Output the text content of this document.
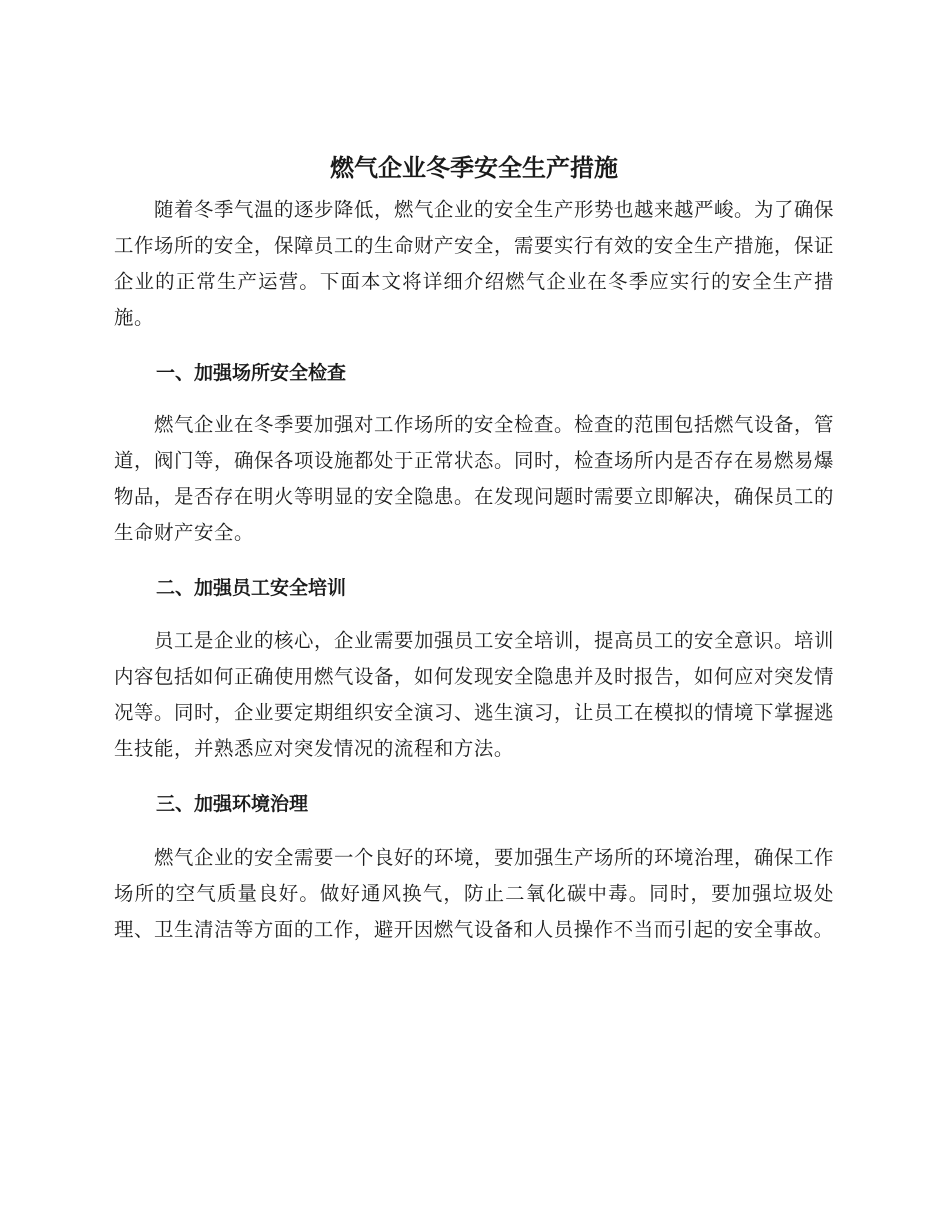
燃气企业冬季安全生产措施

随着冬季气温的逐步降低，燃气企业的安全生产形势也越来越严峻。为了确保工作场所的安全，保障员工的生命财产安全，需要实行有效的安全生产措施，保证企业的正常生产运营。下面本文将详细介绍燃气企业在冬季应实行的安全生产措施。

一、加强场所安全检查

燃气企业在冬季要加强对工作场所的安全检查。检查的范围包括燃气设备，管道，阀门等，确保各项设施都处于正常状态。同时，检查场所内是否存在易燃易爆物品，是否存在明火等明显的安全隐患。在发现问题时需要立即解决，确保员工的生命财产安全。

二、加强员工安全培训

员工是企业的核心，企业需要加强员工安全培训，提高员工的安全意识。培训内容包括如何正确使用燃气设备，如何发现安全隐患并及时报告，如何应对突发情况等。同时，企业要定期组织安全演习、逃生演习，让员工在模拟的情境下掌握逃生技能，并熟悉应对突发情况的流程和方法。

三、加强环境治理

燃气企业的安全需要一个良好的环境，要加强生产场所的环境治理，确保工作场所的空气质量良好。做好通风换气，防止二氧化碳中毒。同时，要加强垃圾处理、卫生清洁等方面的工作，避开因燃气设备和人员操作不当而引起的安全事故。
